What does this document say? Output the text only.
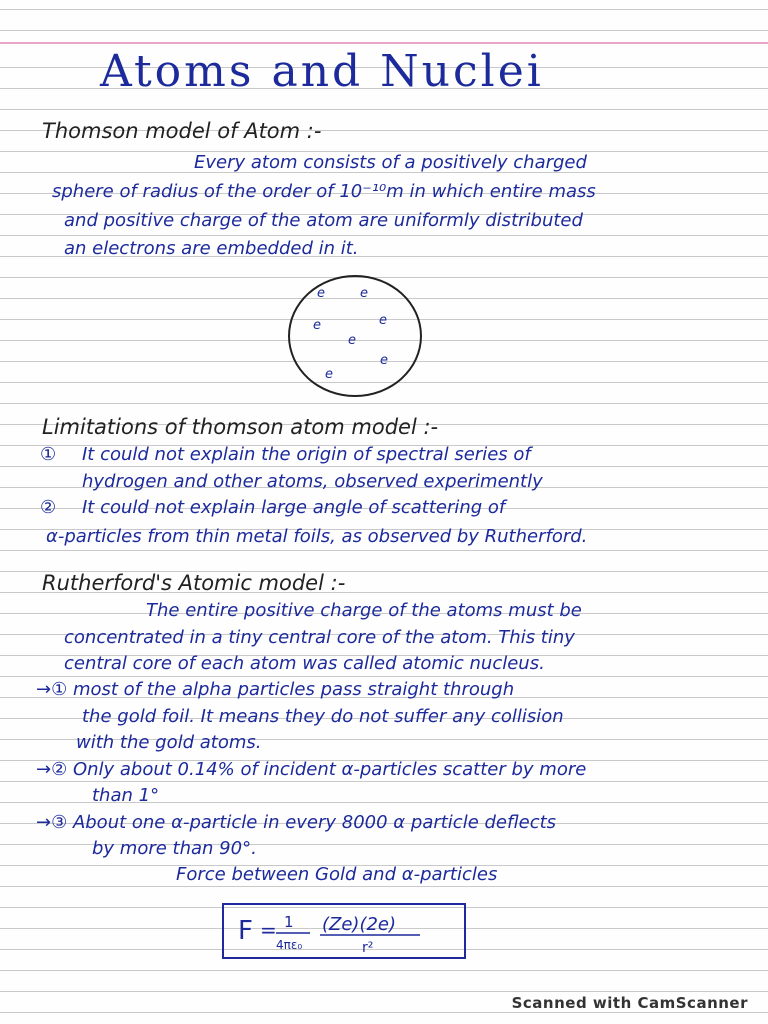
Atoms and Nuclei
Thomson model of Atom :-
Every atom consists of a positively charged
sphere of radius of the order of 10⁻¹⁰m in which entire mass
and positive charge of the atom are uniformly distributed
an electrons are embedded in it.
e	e
e	e
e
e
e
Limitations of thomson atom model :-
① It could not explain the origin of spectral series of
hydrogen and other atoms, observed experimently
② It could not explain large angle of scattering of
α-particles from thin metal foils, as observed by Rutherford.
Rutherford's Atomic model :-
The entire positive charge of the atoms must be
concentrated in a tiny central core of the atom. This tiny
central core of each atom was called atomic nucleus.
→① most of the alpha particles pass straight through
the gold foil. It means they do not suffer any collision
with the gold atoms.
→② Only about 0.14% of incident α-particles scatter by more
than 1°
→③ About one α-particle in every 8000 α particle deflects
by more than 90°.
Force between Gold and α-particles
F = 1
4πε₀
(Ze)(2e)
r²
Scanned with CamScanner
